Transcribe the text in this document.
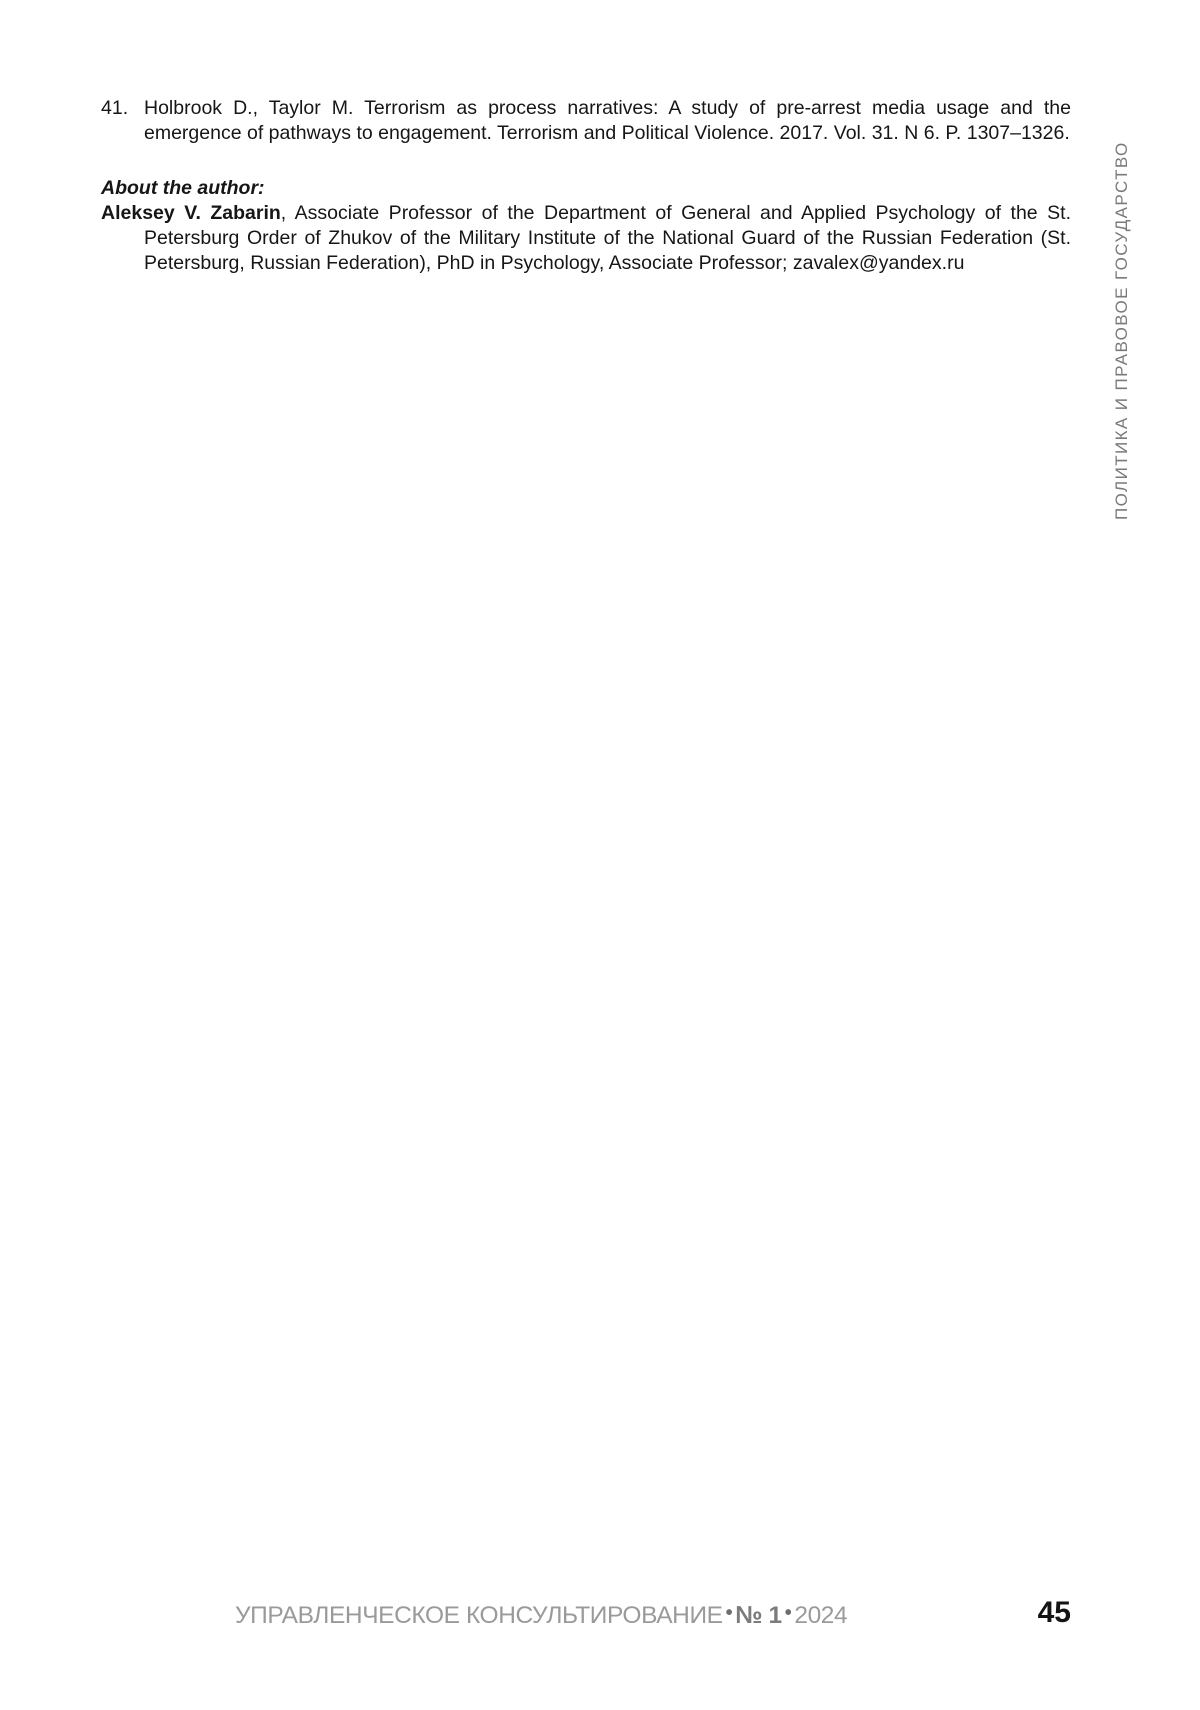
41. Holbrook D., Taylor M. Terrorism as process narratives: A study of pre-arrest media usage and the emergence of pathways to engagement. Terrorism and Political Violence. 2017. Vol. 31. N 6. P. 1307–1326.
About the author:
Aleksey V. Zabarin, Associate Professor of the Department of General and Applied Psychology of the St. Petersburg Order of Zhukov of the Military Institute of the National Guard of the Russian Federation (St. Petersburg, Russian Federation), PhD in Psychology, Associate Professor; zavalex@yandex.ru	ПОЛИТИКА И ПРАВОВОЕ ГОСУДАРСТВО
УПРАВЛЕНЧЕСКОЕ КОНСУЛЬТИРОВАНИЕ • № 1 • 2024	45
